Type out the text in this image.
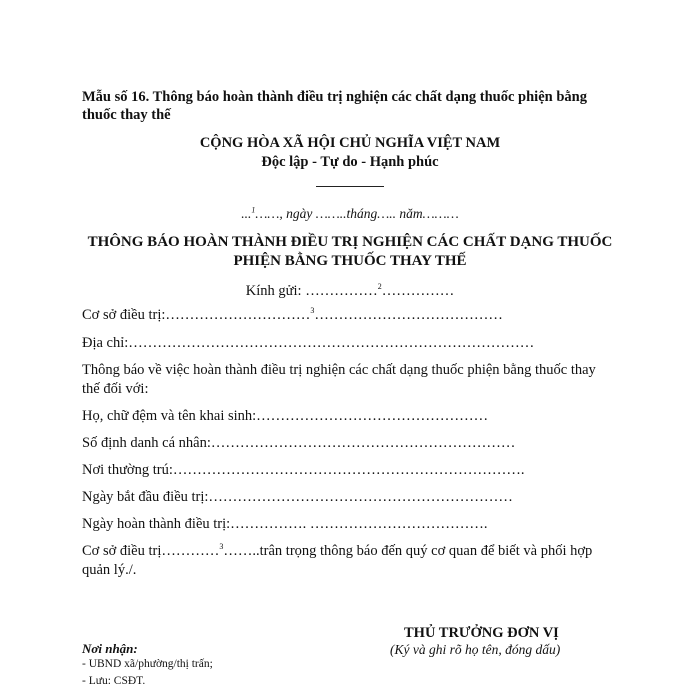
Mẫu số 16. Thông báo hoàn thành điều trị nghiện các chất dạng thuốc phiện bằng
thuốc thay thế
CỘNG HÒA XÃ HỘI CHỦ NGHĨA VIỆT NAM
Độc lập - Tự do - Hạnh phúc
...$^1$……, ngày ……..tháng….. năm………
THÔNG BÁO HOÀN THÀNH ĐIỀU TRỊ NGHIỆN CÁC CHẤT DẠNG THUỐC
PHIỆN BẰNG THUỐC THAY THẾ
Kính gửi: ……………$^2$……………
Cơ sở điều trị:…………………………$^3$…………………………………
Địa chỉ:…………………………………………………………………………
Thông báo về việc hoàn thành điều trị nghiện các chất dạng thuốc phiện bằng thuốc thay
thế đối với:
Họ, chữ đệm và tên khai sinh:…………………………………………
Số định danh cá nhân:………………………………………………………
Nơi thường trú:……………………………………………………………….
Ngày bắt đầu điều trị:………………………………………………………
Ngày hoàn thành điều trị:……………. ……………………………….
Cơ sở điều trị…………$^3$……..trân trọng thông báo đến quý cơ quan để biết và phối hợp
quản lý./.
THỦ TRƯỞNG ĐƠN VỊ
(Ký và ghi rõ họ tên, đóng dấu)
Nơi nhận:
- UBND xã/phường/thị trấn;
- Lưu: CSĐT.
